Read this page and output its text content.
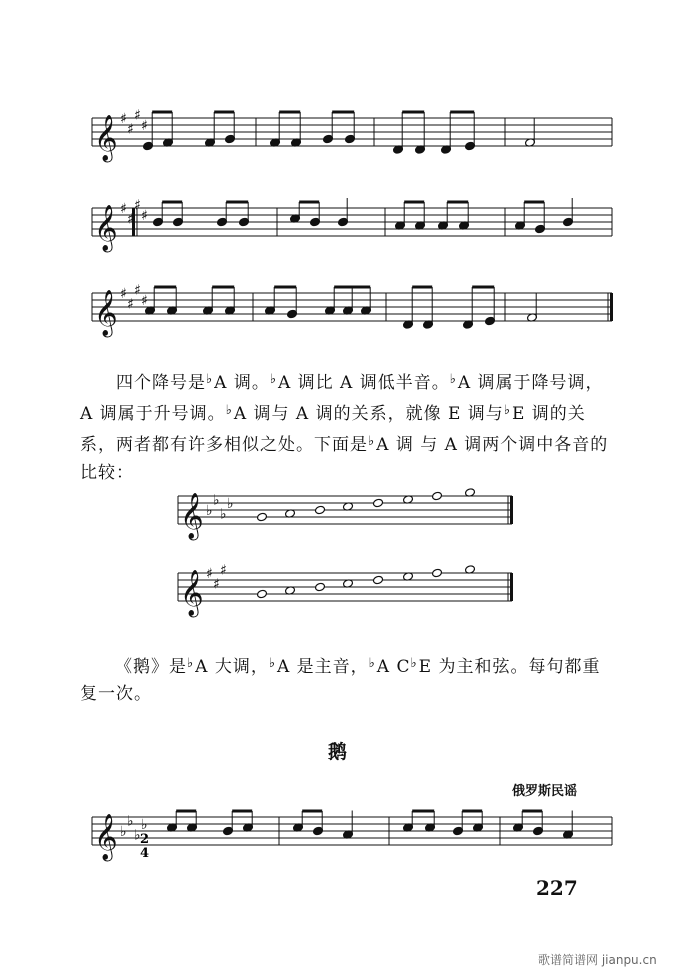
𝄞 ♯
♯
♯
♯
𝄞 ♯
♯
♯
♯
𝄞 ♯
♯
♯
♯
𝄞 ♭
♭
♭
♭
𝄞 ♯
♯
♯
𝄞 ♭
♭
♭
♭
2
4

四个降号是♭A 调。♭A 调比 A 调低半音。♭A 调属于降号调，A 调属于升号调。♭A 调与 A 调的关系，就像 E 调与♭E 调的关系，两者都有许多相似之处。下面是♭A 调 与 A 调两个调中各音的比较：

《鹅》是♭A 大调，♭A 是主音，♭A C♭E 为主和弦。每句都重

复一次。

鹅
俄罗斯民谣
227
歌谱简谱网 jianpu.cn
